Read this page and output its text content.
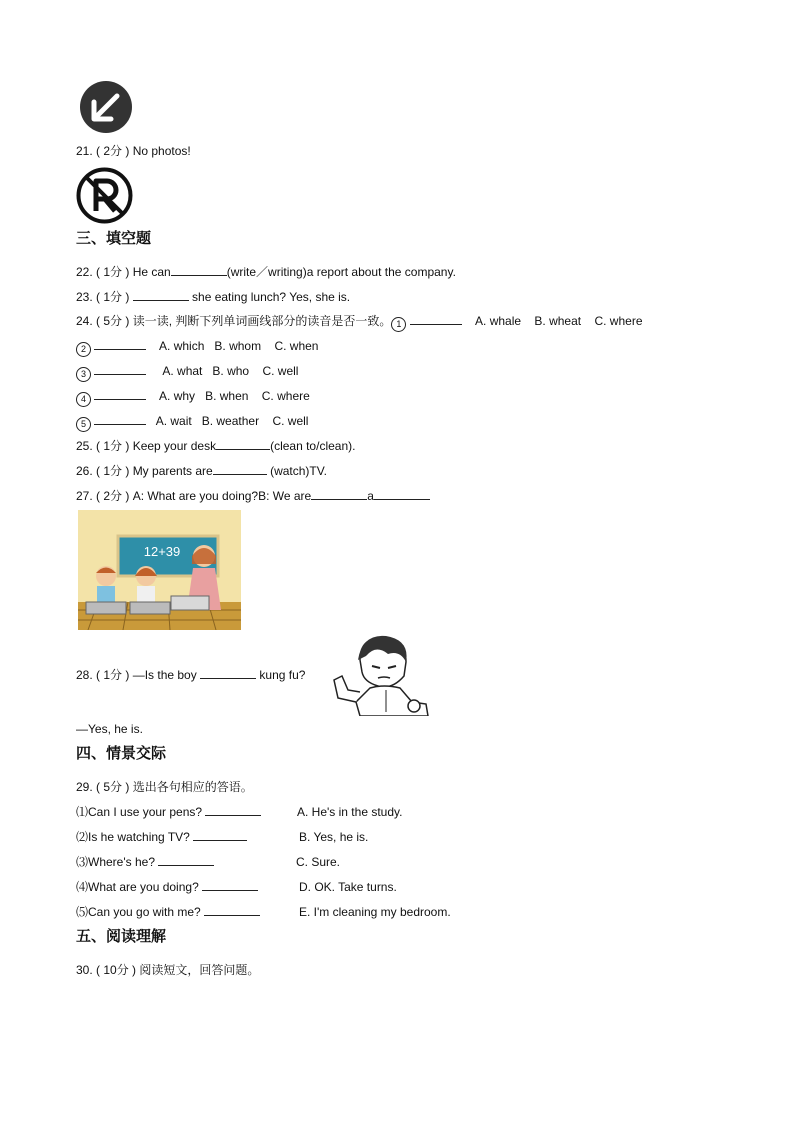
21. ( 2分 ) No photos!
三、填空题
22. ( 1分 ) He can	(write／writing)a report about the company.
23. ( 1分 )	she eating lunch? Yes, she is.
24. ( 5分 ) 读一读, 判断下列单词画线部分的读音是否一致。 1	A. whale B. wheat C. where
2	A. which B. whom C. when
3	A. what B. who C. well
4	A. why B. when C. where
5	A. wait B. weather C. well
25. ( 1分 ) Keep your desk	(clean to/clean).
26. ( 1分 ) My parents are	(watch)TV.
27. ( 2分 ) A: What are you doing?B: We are	a
12+39
28. ( 1分 ) —Is the boy	kung fu?
—Yes, he is.
四、情景交际
29. ( 5分 ) 选出各句相应的答语。
⑴Can I use your pens?	A. He's in the study.
⑵Is he watching TV?	B. Yes, he is.
⑶Where's he?	C. Sure.
⑷What are you doing?	D. OK. Take turns.
⑸Can you go with me?	E. I'm cleaning my bedroom.
五、阅读理解
30. ( 10分 ) 阅读短文，回答问题。
